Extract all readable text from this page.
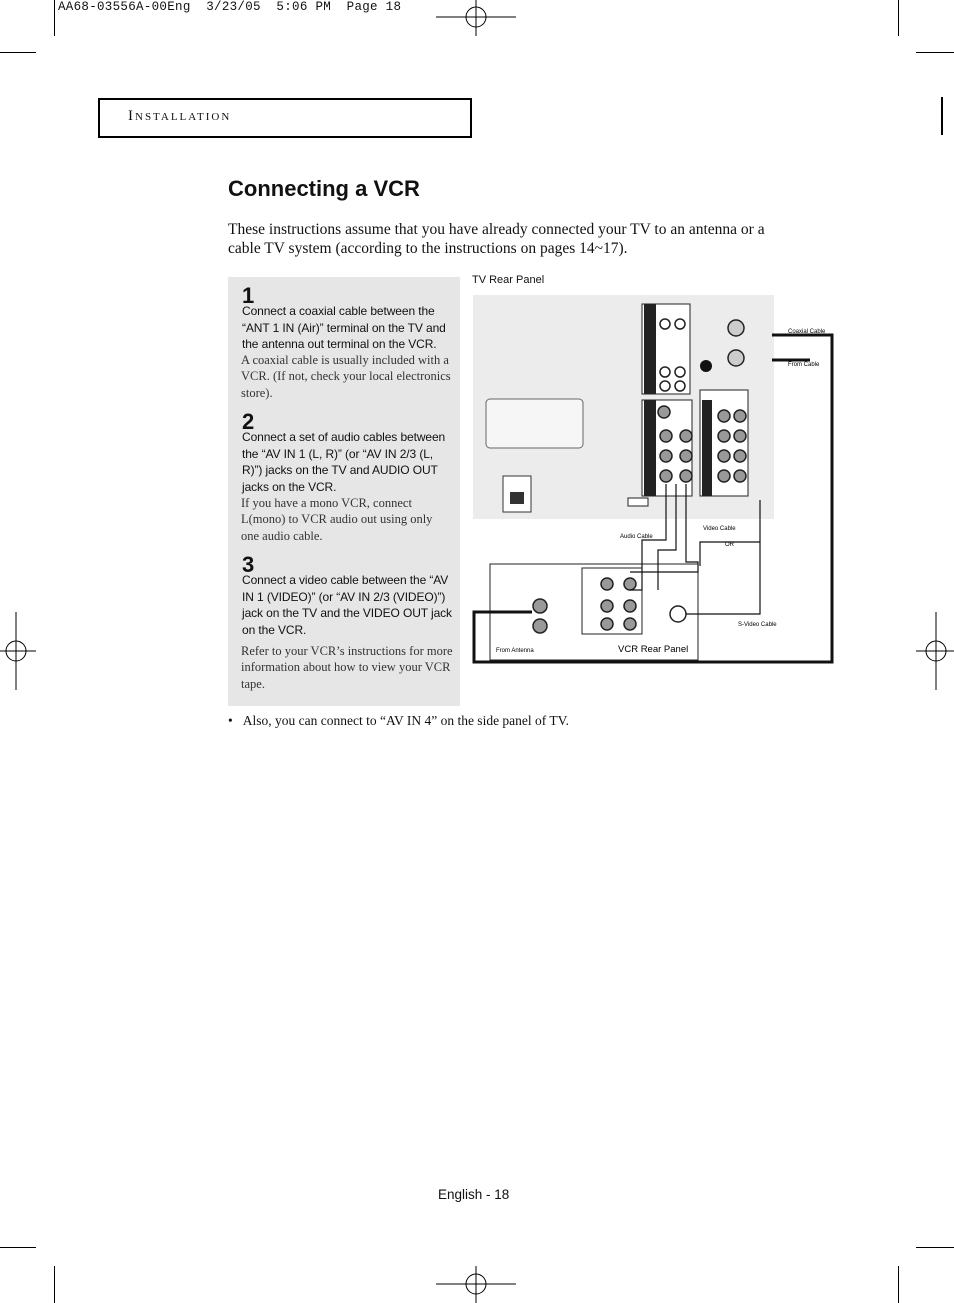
AA68-03556A-00Eng  3/23/05  5:06 PM  Page 18
Installation
Connecting a VCR

These instructions assume that you have already connected your TV to an antenna or a cable TV system (according to the instructions on pages 14~17).

1
Connect a coaxial cable between the “ANT 1 IN (Air)” terminal on the TV and the antenna out terminal on the VCR.
A coaxial cable is usually included with a VCR. (If not, check your local electronics store).
2
Connect a set of audio cables between the “AV IN 1 (L, R)” (or “AV IN 2/3 (L, R)”) jacks on the TV and AUDIO OUT jacks on the VCR.
If you have a mono VCR, connect L(mono) to VCR audio out using only one audio cable.
3
Connect a video cable between the “AV IN 1 (VIDEO)” (or “AV IN 2/3 (VIDEO)”) jack on the TV and the VIDEO OUT jack on the VCR.
Refer to your VCR’s instructions for more information about how to view your VCR tape.
TV Rear Panel
Coaxial Cable
From Cable
Audio Cable
Video Cable
OR
S-Video Cable
From Antenna	VCR Rear Panel
• Also, you can connect to “AV IN 4” on the side panel of TV.
English - 18
